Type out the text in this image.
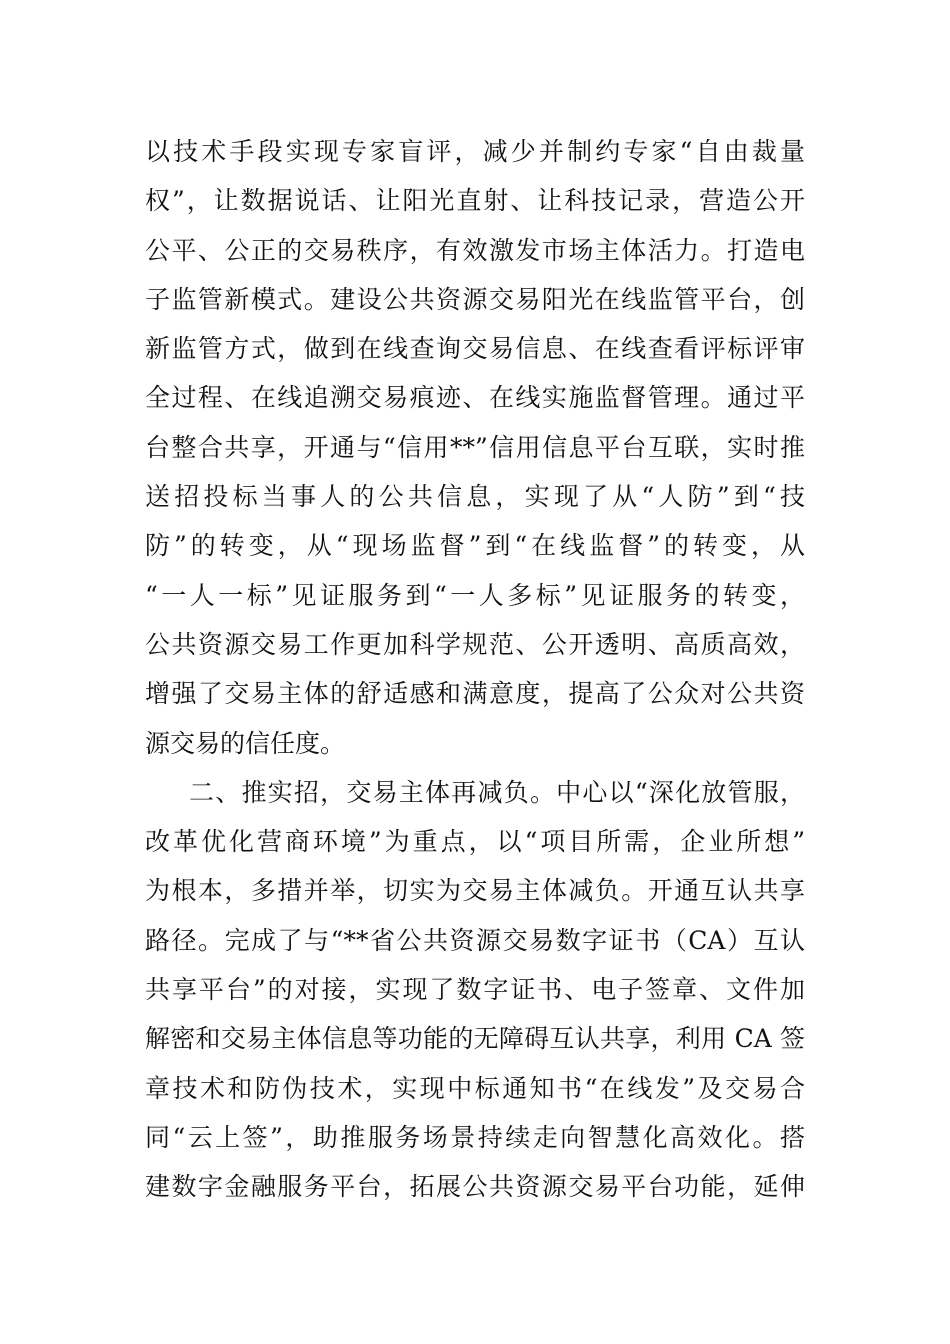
以技术手段实现专家盲评，减少并制约专家“自由裁量
权”，让数据说话、让阳光直射、让科技记录，营造公开
公平、公正的交易秩序，有效激发市场主体活力。打造电
子监管新模式。建设公共资源交易阳光在线监管平台，创
新监管方式，做到在线查询交易信息、在线查看评标评审
全过程、在线追溯交易痕迹、在线实施监督管理。通过平
台整合共享，开通与“信用**”信用信息平台互联，实时推
送招投标当事人的公共信息，实现了从“人防”到“技
防”的转变，从“现场监督”到“在线监督”的转变，从
“一人一标”见证服务到“一人多标”见证服务的转变，
公共资源交易工作更加科学规范、公开透明、高质高效，
增强了交易主体的舒适感和满意度，提高了公众对公共资
源交易的信任度。
二、推实招，交易主体再减负。中心以“深化放管服，
改革优化营商环境”为重点，以“项目所需，企业所想”
为根本，多措并举，切实为交易主体减负。开通互认共享
路径。完成了与“**省公共资源交易数字证书（CA）互认
共享平台”的对接，实现了数字证书、电子签章、文件加
解密和交易主体信息等功能的无障碍互认共享，利用 CA 签
章技术和防伪技术，实现中标通知书“在线发”及交易合
同“云上签”，助推服务场景持续走向智慧化高效化。搭
建数字金融服务平台，拓展公共资源交易平台功能，延伸
